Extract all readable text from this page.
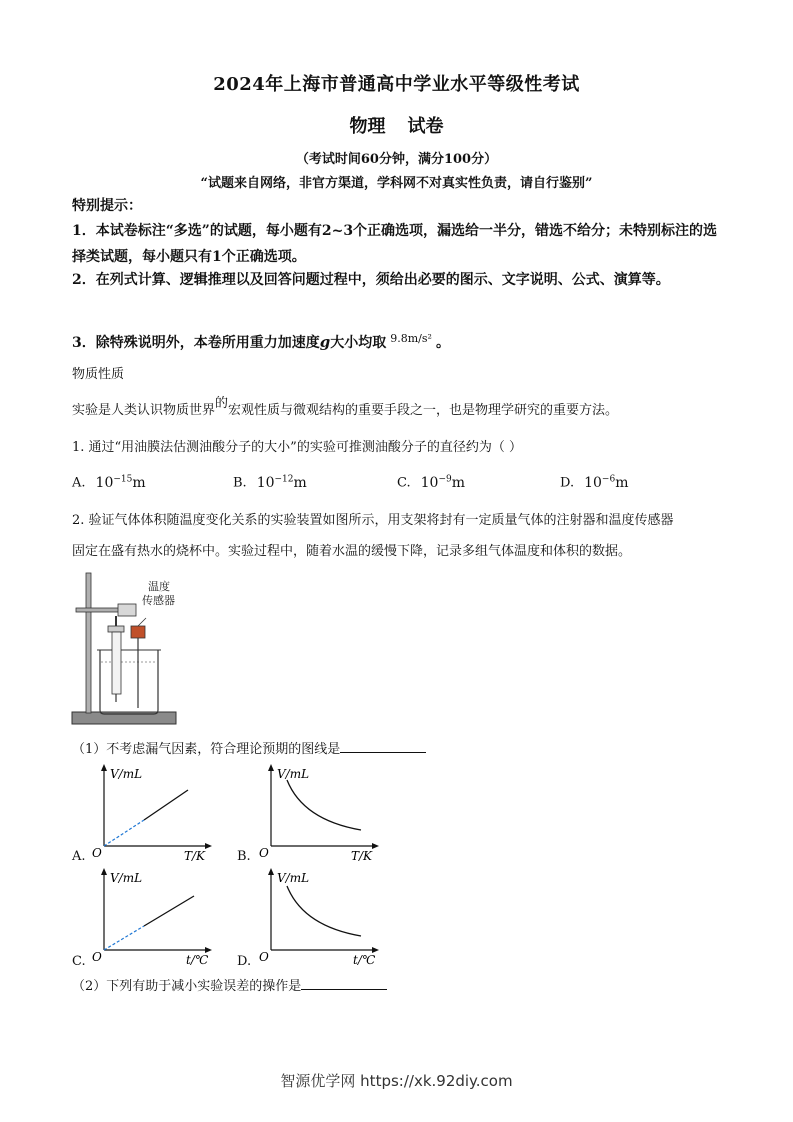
2024年上海市普通高中学业水平等级性考试
物理 试卷
（考试时间60分钟，满分100分）
“试题来自网络，非官方渠道，学科网不对真实性负责，请自行鉴别”
特别提示：
1．本试卷标注“多选”的试题，每小题有2~3个正确选项，漏选给一半分，错选不给分；未特别标注的选择类试题，每小题只有1个正确选项。
2．在列式计算、逻辑推理以及回答问题过程中，须给出必要的图示、文字说明、公式、演算等。
3．除特殊说明外，本卷所用重力加速度g大小均取 $^{9.8m/s^2}$ 。
物质性质
实验是人类认识物质世界的宏观性质与微观结构的重要手段之一，也是物理学研究的重要方法。
1. 通过“用油膜法估测油酸分子的大小”的实验可推测油酸分子的直径约为（ ）
A. $10^{-15}m$	B. $10^{-12}m$	C. $10^{-9}m$	D. $10^{-6}m$
2. 验证气体体积随温度变化关系的实验装置如图所示，用支架将封有一定质量气体的注射器和温度传感器
固定在盛有热水的烧杯中。实验过程中，随着水温的缓慢下降，记录多组气体温度和体积的数据。
温度
传感器
（1）不考虑漏气因素，符合理论预期的图线是
A.
V/mL
O	T/K B.
V/mL
O	T/K
C.
V/mL
O	t/℃ D.
V/mL
O	t/℃
（2）下列有助于减小实验误差的操作是
智源优学网 https://xk.92diy.com
